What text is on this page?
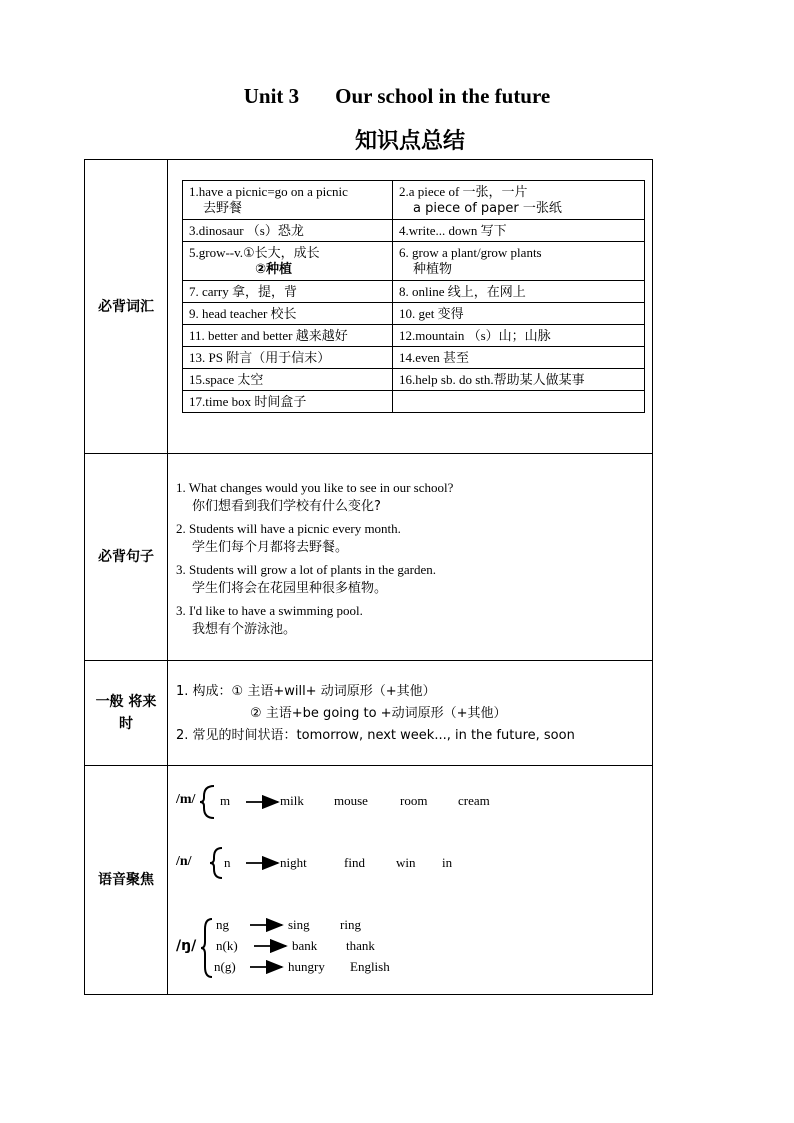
Unit 3 Our school in the future
知识点总结
必背词汇	
1.have a picnic=go on a picnic
去野餐
	2.a piece of 一张，一片
a piece of paper 一张纸

3.dinosaur （s）恐龙	4.write... down 写下
5.grow--v.①长大，成长
②种植
	6. grow a plant/grow plants
种植物

7. carry 拿，提，背	8. online 线上，在网上
9. head teacher 校长	10. get 变得
11. better and better 越来越好	12.mountain （s）山；山脉
13. PS 附言（用于信末）	14.even 甚至
15.space 太空	16.help sb. do sth.帮助某人做某事
17.time box 时间盒子	

必背句子	
1. What changes would you like to see in our school?
你们想看到我们学校有什么变化?
2. Students will have a picnic every month.
学生们每个月都将去野餐。
3. Students will grow a lot of plants in the garden.
学生们将会在花园里种很多植物。
3. I'd like to have a swimming pool.
我想有个游泳池。

一般 将来时	
1. 构成：① 主语+will+ 动词原形（+其他）
② 主语+be going to +动词原形（+其他）
2. 常见的时间状语：tomorrow, next week..., in the future, soon

语音聚焦	
/m/ m	milk mouse room cream
/n/ n	night	find win in
/ŋ/
ng	sing ring
n(k)	bank thank
n(g)	hungry English
